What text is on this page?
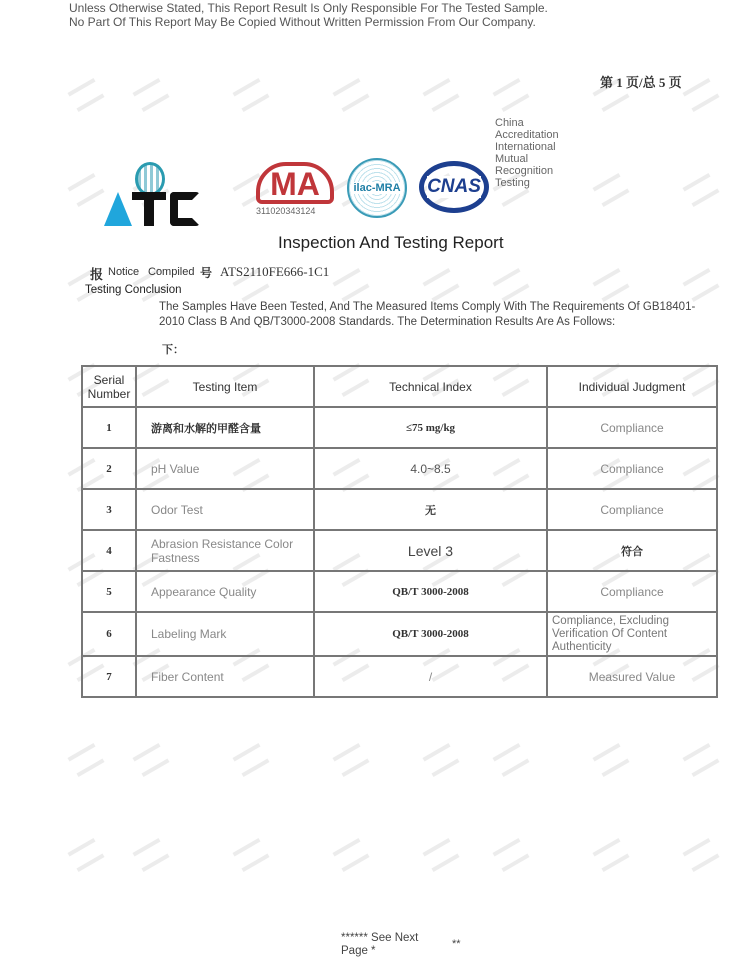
Unless Otherwise Stated, This Report Result Is Only Responsible For The Tested Sample.
No Part Of This Report May Be Copied Without Written Permission From Our Company.
第 1 页/总 5 页
MA
311020343124
ilac-MRA CNAS
China Accreditation International Mutual Recognition Testing
Inspection And Testing Report
报 Notice Compiled 号 ATS2110FE666-1C1
Testing Conclusion
The Samples Have Been Tested, And The Measured Items Comply With The Requirements Of GB18401-2010 Class B And QB/T3000-2008 Standards. The Determination Results Are As Follows:
下：
Serial Number	Testing Item	Technical Index	Individual Judgment
1	游离和水解的甲醛含量	≤75 mg/kg	Compliance
2	pH Value	4.0~8.5	Compliance
3	Odor Test	无	Compliance
4	Abrasion Resistance Color Fastness	Level 3	符合
5	Appearance Quality	QB/T 3000-2008	Compliance
6	Labeling Mark	QB/T 3000-2008	Compliance, Excluding Verification Of Content Authenticity
7	Fiber Content	/	Measured Value
****** See Next Page *
**
